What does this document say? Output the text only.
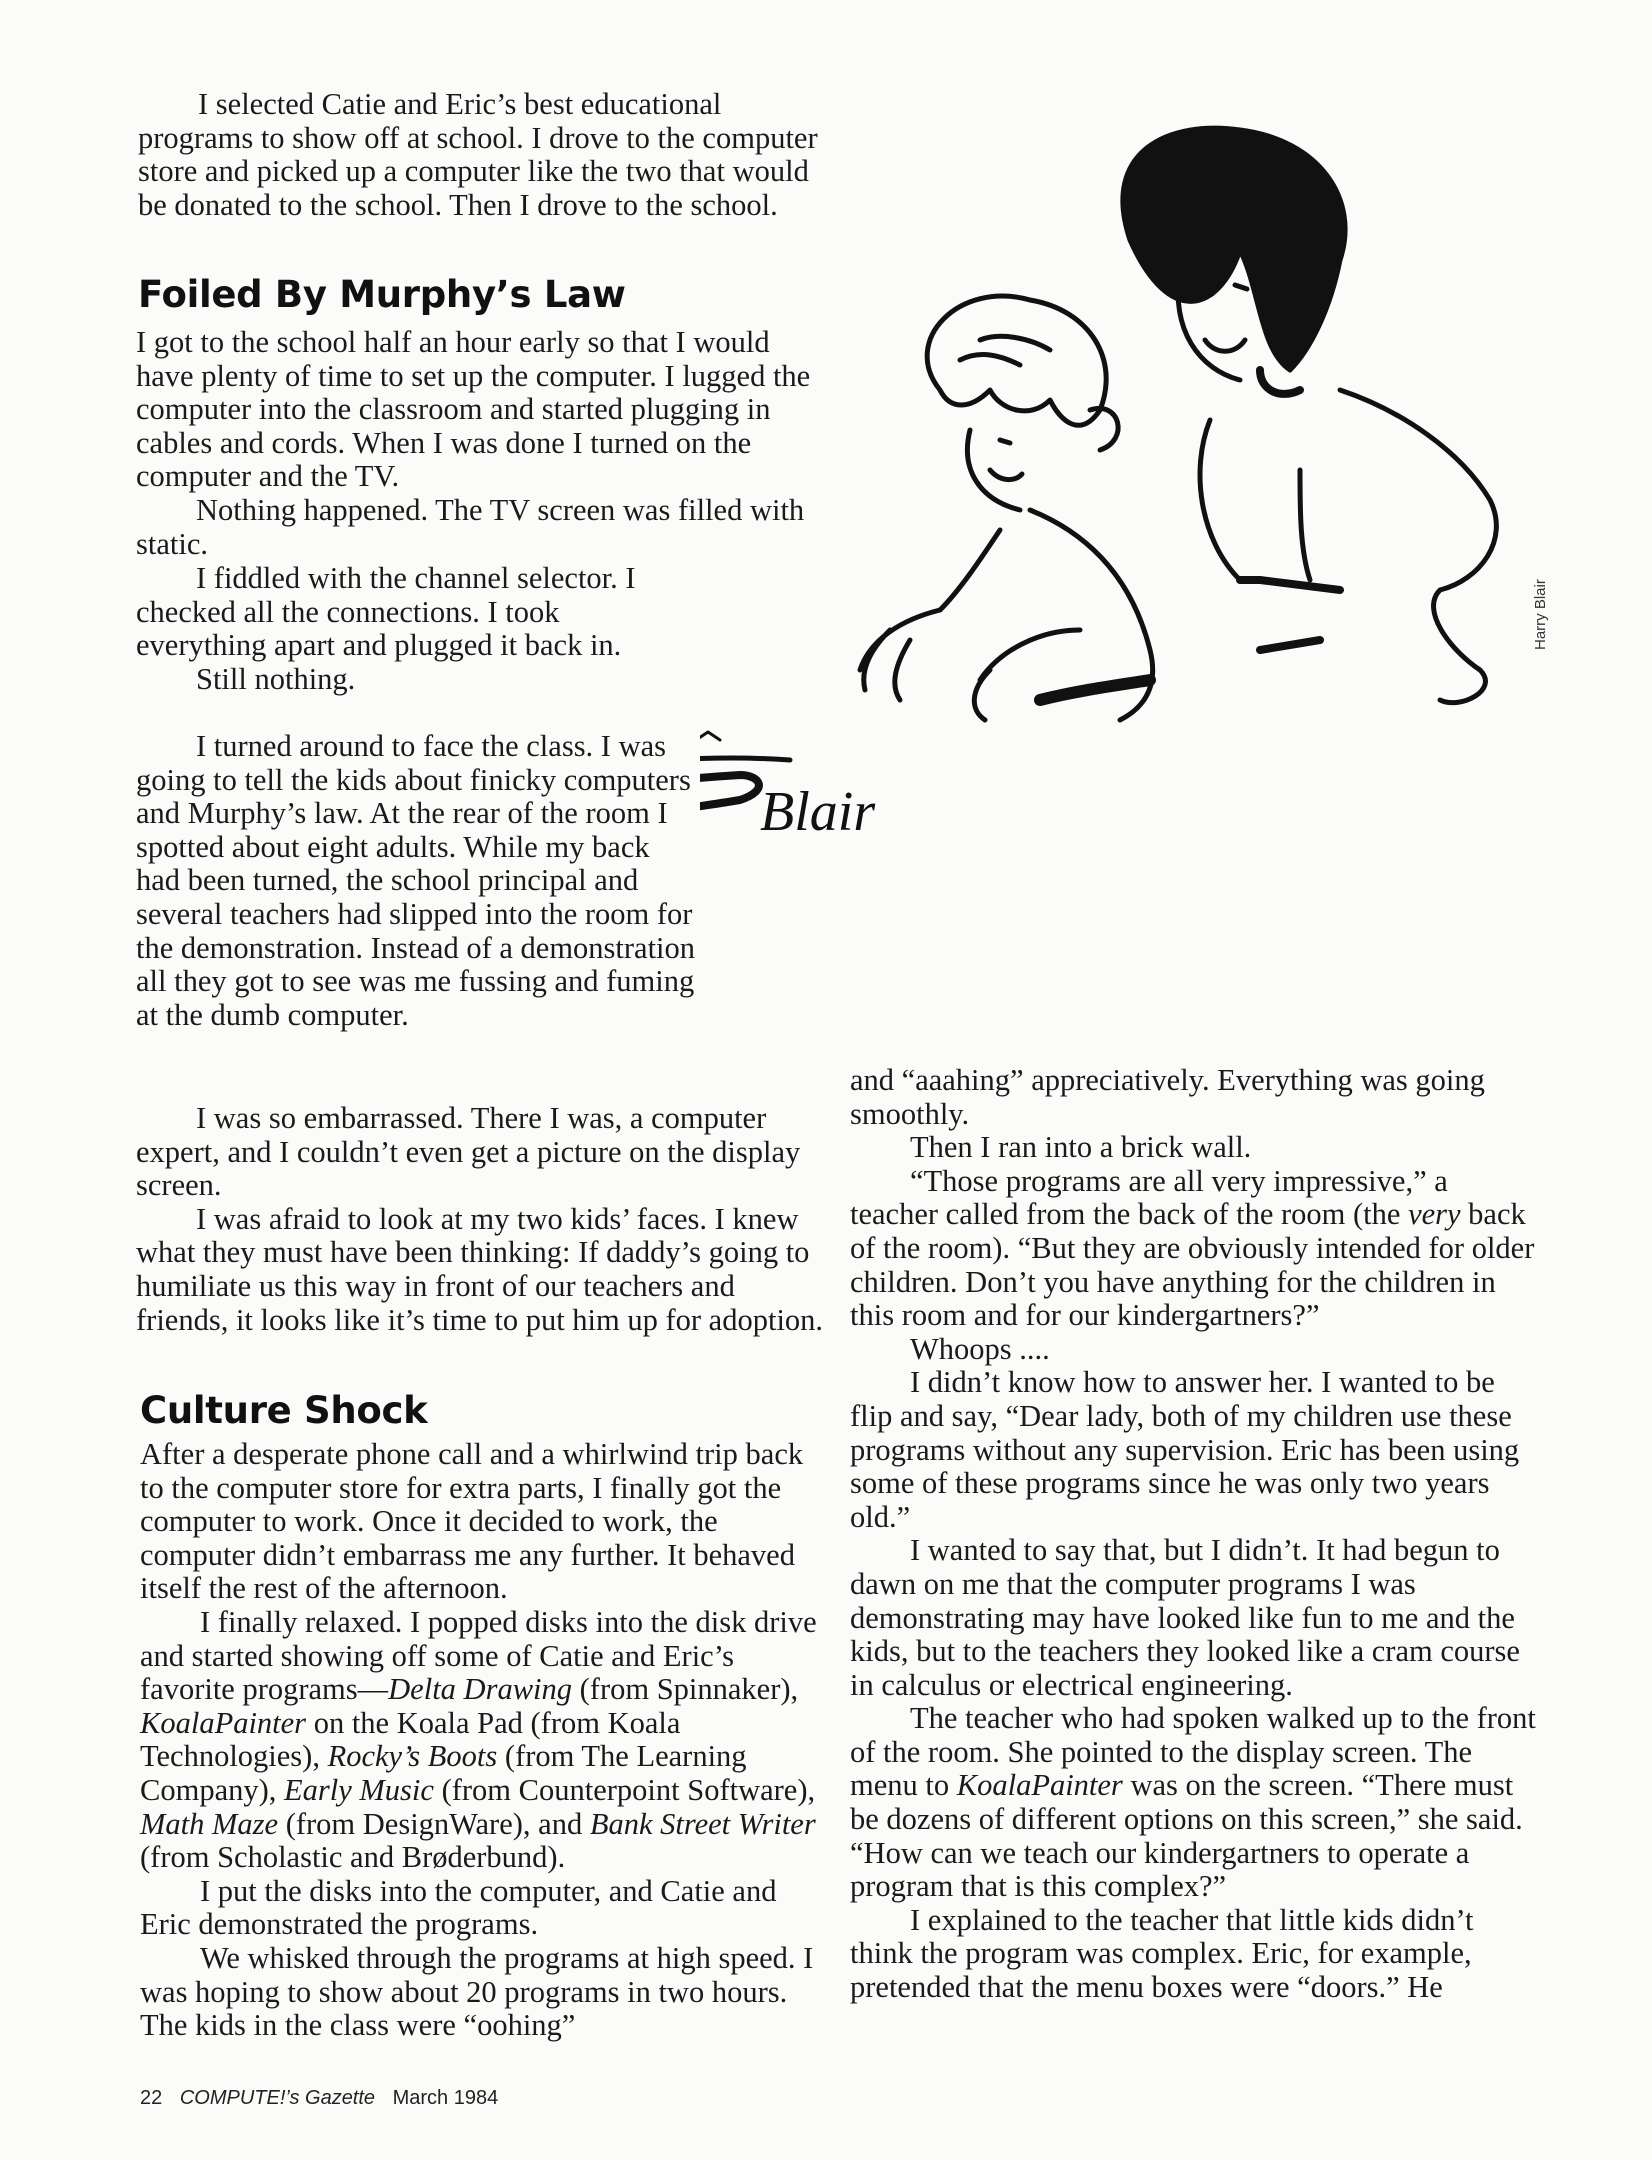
I selected Catie and Eric’s best educational programs to show off at school. I drove to the computer store and picked up a computer like the two that would be donated to the school. Then I drove to the school.

Foiled By Murphy’s Law

I got to the school half an hour early so that I would have plenty of time to set up the computer. I lugged the computer into the classroom and started plugging in cables and cords. When I was done I turned on the computer and the TV.

Nothing happened. The TV screen was filled with static.

I fiddled with the channel selector. I checked all the connections. I took everything apart and plugged it back in.

Still nothing.

I turned around to face the class. I was going to tell the kids about finicky computers and Murphy’s law. At the rear of the room I spotted about eight adults. While my back had been turned, the school principal and several teachers had slipped into the room for the demonstration. Instead of a demonstration all they got to see was me fussing and fuming at the dumb computer.

I was so embarrassed. There I was, a computer expert, and I couldn’t even get a picture on the display screen.

I was afraid to look at my two kids’ faces. I knew what they must have been thinking: If daddy’s going to humiliate us this way in front of our teachers and friends, it looks like it’s time to put him up for adoption.

Culture Shock

After a desperate phone call and a whirlwind trip back to the computer store for extra parts, I finally got the computer to work. Once it decided to work, the computer didn’t embarrass me any further. It behaved itself the rest of the afternoon.

I finally relaxed. I popped disks into the disk drive and started showing off some of Catie and Eric’s favorite programs—Delta Drawing (from Spinnaker), KoalaPainter on the Koala Pad (from Koala Technologies), Rocky’s Boots (from The Learning Company), Early Music (from Counterpoint Software), Math Maze (from DesignWare), and Bank Street Writer (from Scholastic and Brøderbund).

I put the disks into the computer, and Catie and Eric demonstrated the programs.

We whisked through the programs at high speed. I was hoping to show about 20 programs in two hours. The kids in the class were “oohing”

and “aaahing” appreciatively. Everything was going smoothly.

Then I ran into a brick wall.

“Those programs are all very impressive,” a teacher called from the back of the room (the very back of the room). “But they are obviously intended for older children. Don’t you have anything for the children in this room and for our kindergartners?”

Whoops ....

I didn’t know how to answer her. I wanted to be flip and say, “Dear lady, both of my children use these programs without any supervision. Eric has been using some of these programs since he was only two years old.”

I wanted to say that, but I didn’t. It had begun to dawn on me that the computer programs I was demonstrating may have looked like fun to me and the kids, but to the teachers they looked like a cram course in calculus or electrical engineering.

The teacher who had spoken walked up to the front of the room. She pointed to the display screen. The menu to KoalaPainter was on the screen. “There must be dozens of different options on this screen,” she said. “How can we teach our kindergartners to operate a program that is this complex?”

I explained to the teacher that little kids didn’t think the program was complex. Eric, for example, pretended that the menu boxes were “doors.” He

Blair
Harry Blair
22 COMPUTE!’s Gazette March 1984
